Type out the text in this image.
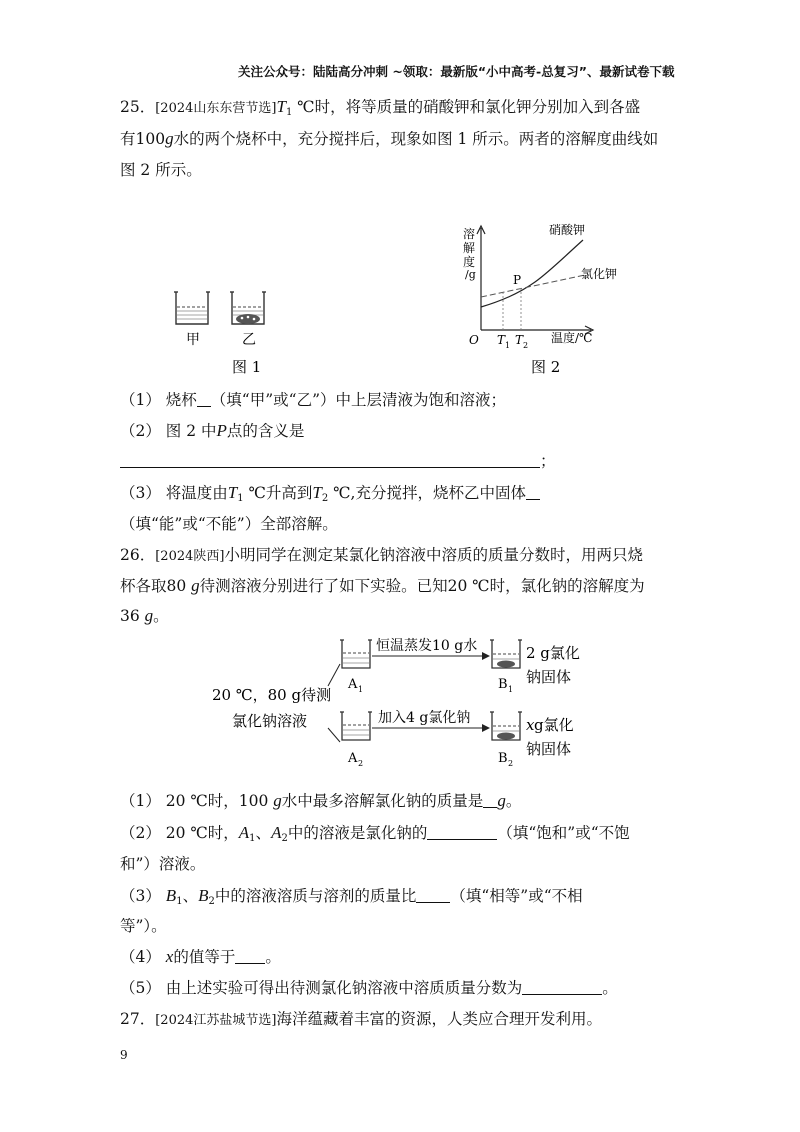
关注公众号：陆陆高分冲刺 ~领取：最新版“小中高考-总复习”、最新试卷下载
25．[2024山东东营节选]$T_1$ ℃时，将等质量的硝酸钾和氯化钾分别加入到各盛
有100g水的两个烧杯中，充分搅拌后，现象如图 1 所示。两者的溶解度曲线如
图 2 所示。
甲	乙
图 1
溶
解
度
/g	P
硝酸钾
氯化钾
O T 1 T 2
温度/℃
图 2
（1） 烧杯 （填“甲”或“乙”）中上层清液为饱和溶液；
（2） 图 2 中P点的含义是
；
（3） 将温度由$T_1$ ℃升高到$T_2$ ℃,充分搅拌，烧杯乙中固体
（填“能”或“不能”）全部溶解。
26．[2024陕西]小明同学在测定某氯化钠溶液中溶质的质量分数时，用两只烧
杯各取80 g待测溶液分别进行了如下实验。已知20 ℃时，氯化钠的溶解度为
36 g。
20 ℃，80 g待测
氯化钠溶液
A 1
恒温蒸发10 g水
B 1
2 g氯化
钠固体
A 2
加入4 g氯化钠
B 2
x g氯化
钠固体
（1） 20 ℃时，100 g水中最多溶解氯化钠的质量是 g。
（2） 20 ℃时，$A_1$、$A_2$中的溶液是氯化钠的	（填“饱和”或“不饱
和”）溶液。
（3） $B_1$、$B_2$中的溶液溶质与溶剂的质量比 （填“相等”或“不相
等”）。
（4） x的值等于 。
（5） 由上述实验可得出待测氯化钠溶液中溶质质量分数为	。
27．[2024江苏盐城节选]海洋蕴藏着丰富的资源，人类应合理开发利用。
9
